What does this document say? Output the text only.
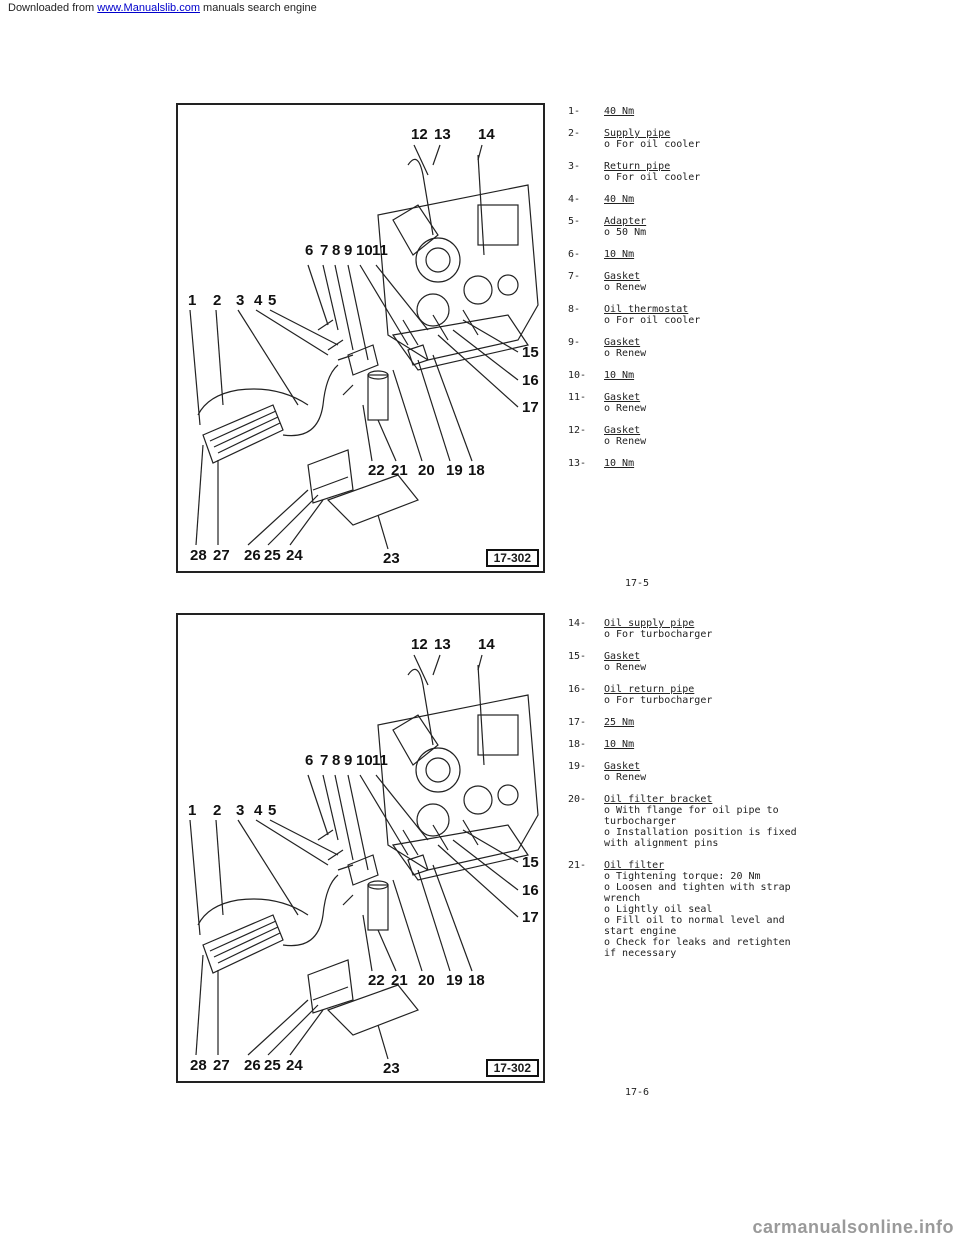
Downloaded from www.Manualslib.com manuals search engine
1 2 3 4 5
6 7 8 9 10 11
12 13 14
15
16
17
18
19
20
21
22
23
24
25
26
27
28	17-302
1 2 3 4 5
6 7 8 9 10 11
12 13 14
15
16
17
18
19
20
21
22
23
24
25
26
27
28	17-302
1- 40 Nm
2- Supply pipe
o For oil cooler
3- Return pipe
o For oil cooler
4- 40 Nm
5- Adapter
o 50 Nm
6- 10 Nm
7- Gasket
o Renew
8- Oil thermostat
o For oil cooler
9- Gasket
o Renew
10- 10 Nm
11- Gasket
o Renew
12- Gasket
o Renew
13- 10 Nm
17-5
14- Oil supply pipe
o For turbocharger
15- Gasket
o Renew
16- Oil return pipe
o For turbocharger
17- 25 Nm
18- 10 Nm
19- Gasket
o Renew
20- Oil filter bracket
o With flange for oil pipe to turbocharger
o Installation position is fixed with alignment pins
21- Oil filter
o Tightening torque: 20 Nm
o Loosen and tighten with strap wrench
o Lightly oil seal
o Fill oil to normal level and start engine
o Check for leaks and retighten if necessary
17-6
carmanualsonline.info
